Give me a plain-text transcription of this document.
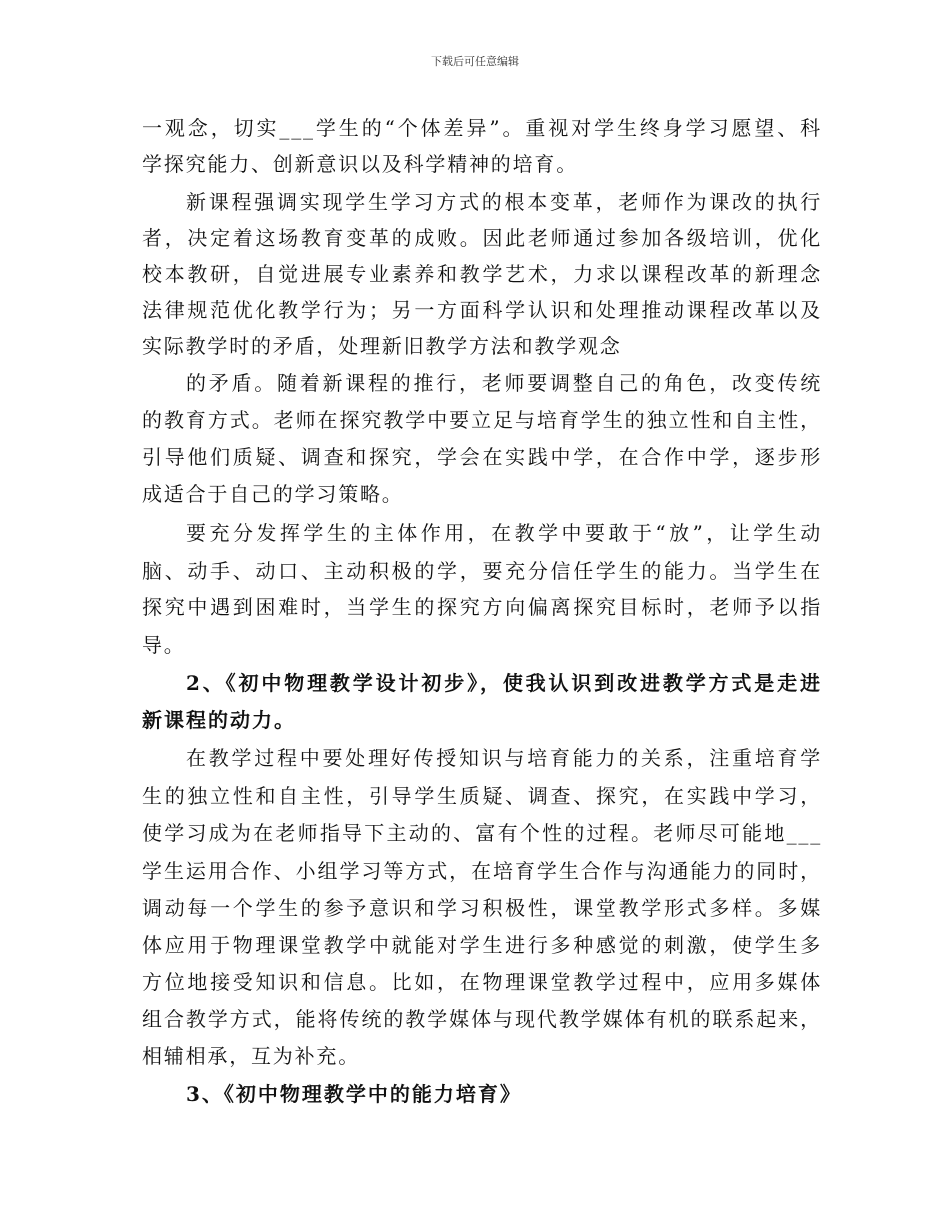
下载后可任意编辑
一观念，切实___学生的“个体差异”。重视对学生终身学习愿望、科
学探究能力、创新意识以及科学精神的培育。
新课程强调实现学生学习方式的根本变革，老师作为课改的执行
者，决定着这场教育变革的成败。因此老师通过参加各级培训，优化
校本教研，自觉进展专业素养和教学艺术，力求以课程改革的新理念
法律规范优化教学行为；另一方面科学认识和处理推动课程改革以及
实际教学时的矛盾，处理新旧教学方法和教学观念
的矛盾。随着新课程的推行，老师要调整自己的角色，改变传统
的教育方式。老师在探究教学中要立足与培育学生的独立性和自主性，
引导他们质疑、调查和探究，学会在实践中学，在合作中学，逐步形
成适合于自己的学习策略。
要充分发挥学生的主体作用，在教学中要敢于“放”，让学生动
脑、动手、动口、主动积极的学，要充分信任学生的能力。当学生在
探究中遇到困难时，当学生的探究方向偏离探究目标时，老师予以指
导。
2、《初中物理教学设计初步》，使我认识到改进教学方式是走进
新课程的动力。
在教学过程中要处理好传授知识与培育能力的关系，注重培育学
生的独立性和自主性，引导学生质疑、调查、探究，在实践中学习，
使学习成为在老师指导下主动的、富有个性的过程。老师尽可能地___
学生运用合作、小组学习等方式，在培育学生合作与沟通能力的同时，
调动每一个学生的参予意识和学习积极性，课堂教学形式多样。多媒
体应用于物理课堂教学中就能对学生进行多种感觉的刺激，使学生多
方位地接受知识和信息。比如，在物理课堂教学过程中，应用多媒体
组合教学方式，能将传统的教学媒体与现代教学媒体有机的联系起来，
相辅相承，互为补充。
3、《初中物理教学中的能力培育》
